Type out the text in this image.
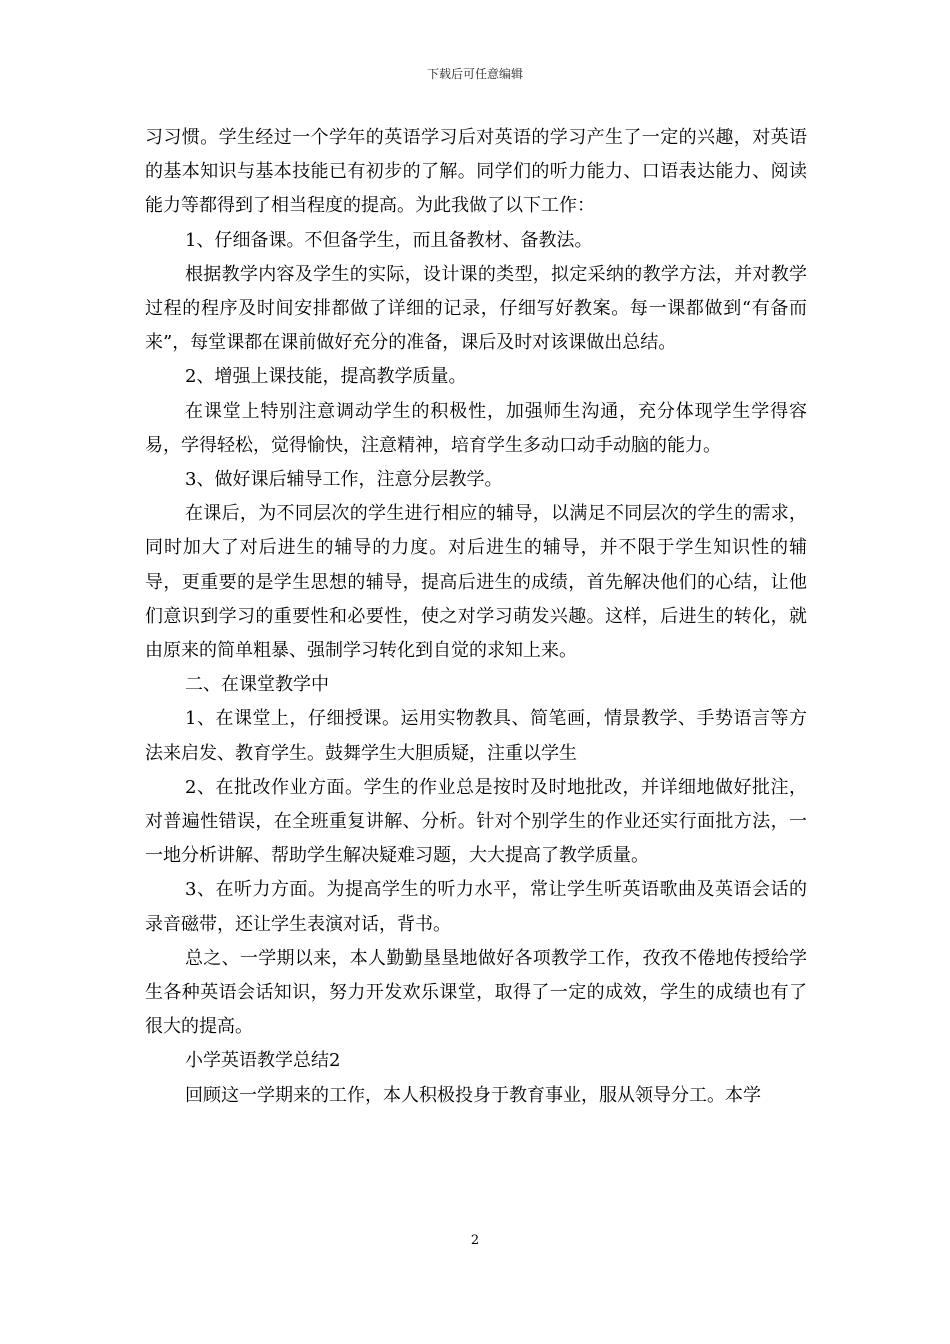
下载后可任意编辑

习习惯。学生经过一个学年的英语学习后对英语的学习产生了一定的兴趣，对英语的基本知识与基本技能已有初步的了解。同学们的听力能力、口语表达能力、阅读能力等都得到了相当程度的提高。为此我做了以下工作：

1、仔细备课。不但备学生，而且备教材、备教法。

根据教学内容及学生的实际，设计课的类型，拟定采纳的教学方法，并对教学过程的程序及时间安排都做了详细的记录，仔细写好教案。每一课都做到“有备而来”，每堂课都在课前做好充分的准备，课后及时对该课做出总结。

2、增强上课技能，提高教学质量。

在课堂上特别注意调动学生的积极性，加强师生沟通，充分体现学生学得容易，学得轻松，觉得愉快，注意精神，培育学生多动口动手动脑的能力。

3、做好课后辅导工作，注意分层教学。

在课后，为不同层次的学生进行相应的辅导，以满足不同层次的学生的需求，同时加大了对后进生的辅导的力度。对后进生的辅导，并不限于学生知识性的辅导，更重要的是学生思想的辅导，提高后进生的成绩，首先解决他们的心结，让他们意识到学习的重要性和必要性，使之对学习萌发兴趣。这样，后进生的转化，就由原来的简单粗暴、强制学习转化到自觉的求知上来。

二、在课堂教学中

1、在课堂上，仔细授课。运用实物教具、简笔画，情景教学、手势语言等方法来启发、教育学生。鼓舞学生大胆质疑，注重以学生

2、在批改作业方面。学生的作业总是按时及时地批改，并详细地做好批注，对普遍性错误，在全班重复讲解、分析。针对个别学生的作业还实行面批方法，一一地分析讲解、帮助学生解决疑难习题，大大提高了教学质量。

3、在听力方面。为提高学生的听力水平，常让学生听英语歌曲及英语会话的录音磁带，还让学生表演对话，背书。

总之、一学期以来，本人勤勤垦垦地做好各项教学工作，孜孜不倦地传授给学生各种英语会话知识，努力开发欢乐课堂，取得了一定的成效，学生的成绩也有了很大的提高。

小学英语教学总结2

回顾这一学期来的工作，本人积极投身于教育事业，服从领导分工。本学

2
